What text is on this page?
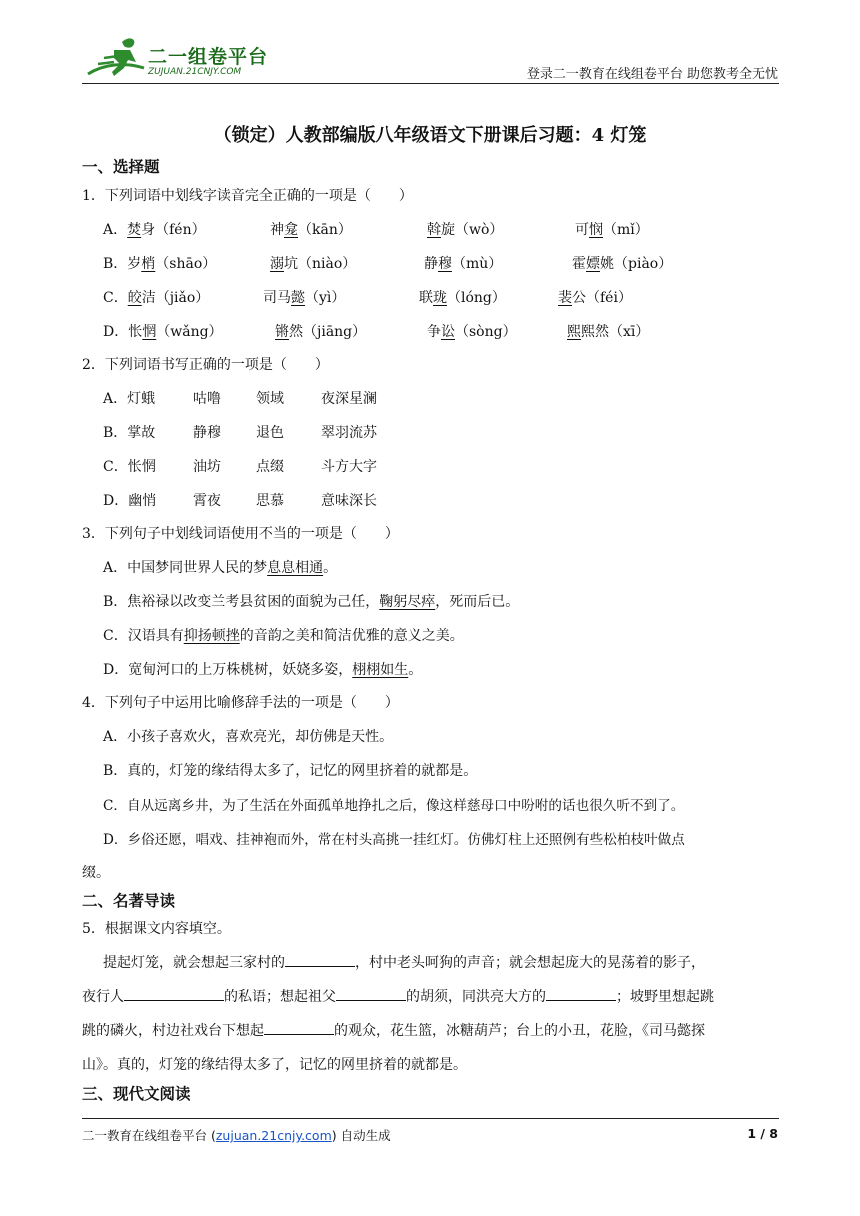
二一组卷平台
ZUJUAN.21CNJY.COM	登录二一教育在线组卷平台 助您教考全无忧
（锁定）人教部编版八年级语文下册课后习题：4 灯笼
一、选择题
1．下列词语中划线字读音完全正确的一项是（　　）
A．焚身（fén）	神龛（kān）	斡旋（wò）	可悯（mǐ）
B．岁梢（shāo）	溺坑（niào）	静穆（mù）	霍嫖姚（piào）
C．皎洁（jiǎo）	司马懿（yì）	联珑（lóng）	裴公（féi）
D．怅惘（wǎng）	锵然（jiāng）	争讼（sòng）	熙熙然（xī）
2．下列词语书写正确的一项是（　　）
A．灯蛾	咕噜	领域	夜深星澜
B．掌故	静穆	退色	翠羽流苏
C．怅惘	油坊	点缀	斗方大字
D．幽悄	霄夜	思慕	意味深长
3．下列句子中划线词语使用不当的一项是（　　）
A．中国梦同世界人民的梦息息相通。
B．焦裕禄以改变兰考县贫困的面貌为己任，鞠躬尽瘁，死而后已。
C．汉语具有抑扬顿挫的音韵之美和简洁优雅的意义之美。
D．宽甸河口的上万株桃树，妖娆多姿，栩栩如生。
4．下列句子中运用比喻修辞手法的一项是（　　）
A．小孩子喜欢火，喜欢亮光，却仿佛是天性。
B．真的，灯笼的缘结得太多了，记忆的网里挤着的就都是。
C．自从远离乡井，为了生活在外面孤单地挣扎之后，像这样慈母口中吩咐的话也很久听不到了。
D．乡俗还愿，唱戏、挂神袍而外，常在村头高挑一挂红灯。仿佛灯柱上还照例有些松柏枝叶做点
缀。
二、名著导读
5．根据课文内容填空。
提起灯笼，就会想起三家村的	，村中老头呵狗的声音；就会想起庞大的晃荡着的影子，
夜行人	的私语；想起祖父	的胡须，同洪亮大方的	；坡野里想起跳
跳的磷火，村边社戏台下想起	的观众，花生篮，冰糖葫芦；台上的小丑，花脸，《司马懿探
山》。真的，灯笼的缘结得太多了，记忆的网里挤着的就都是。
三、现代文阅读
二一教育在线组卷平台 (zujuan.21cnjy.com) 自动生成	1 / 8
